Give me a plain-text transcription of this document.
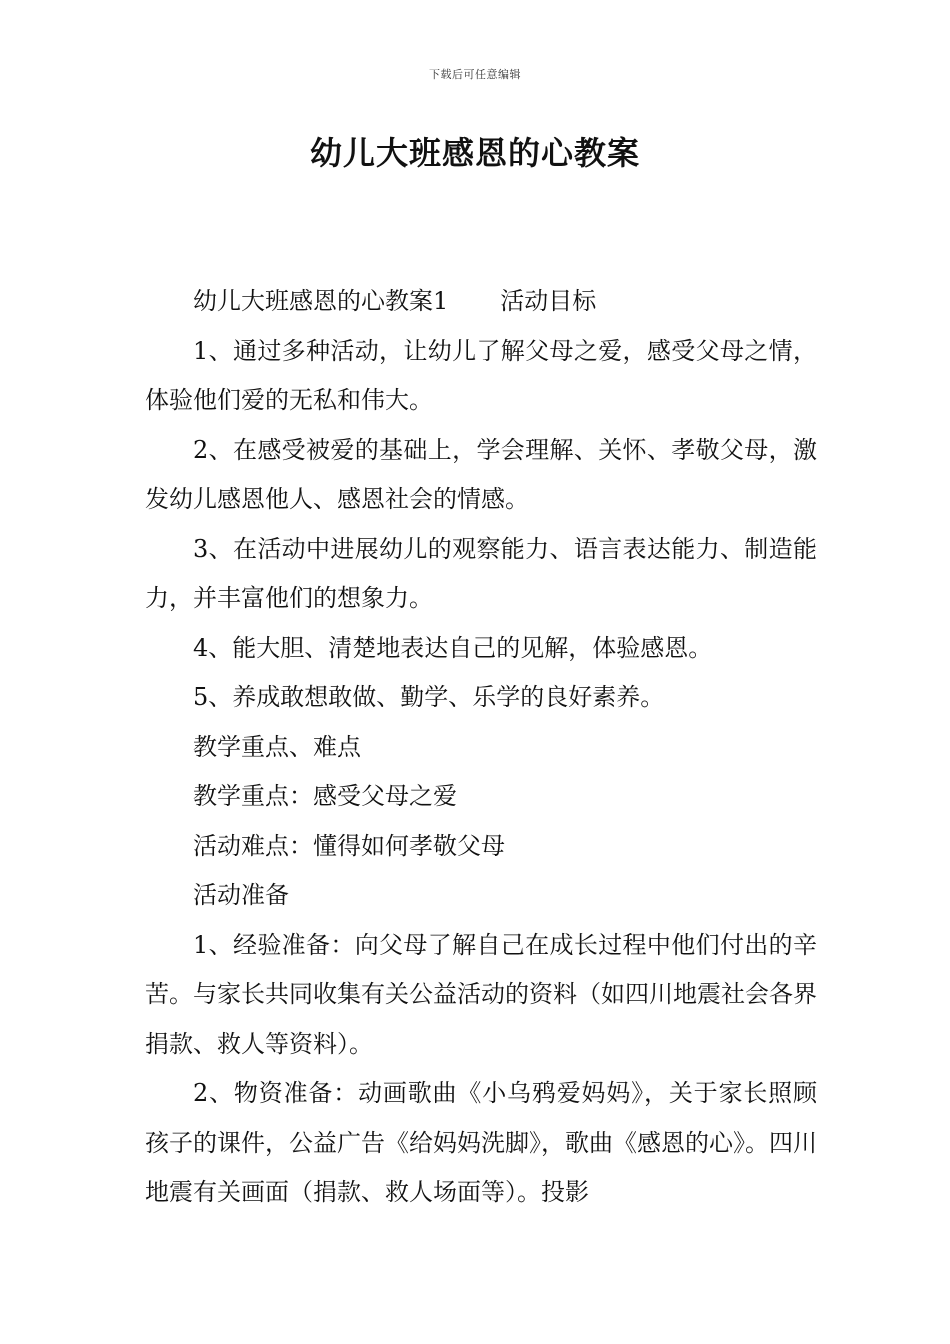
下载后可任意编辑
幼儿大班感恩的心教案

幼儿大班感恩的心教案1 活动目标

1、通过多种活动，让幼儿了解父母之爱，感受父母之情，体验他们爱的无私和伟大。

2、在感受被爱的基础上，学会理解、关怀、孝敬父母，激发幼儿感恩他人、感恩社会的情感。

3、在活动中进展幼儿的观察能力、语言表达能力、制造能力，并丰富他们的想象力。

4、能大胆、清楚地表达自己的见解，体验感恩。

5、养成敢想敢做、勤学、乐学的良好素养。

教学重点、难点

教学重点：感受父母之爱

活动难点：懂得如何孝敬父母

活动准备

1、经验准备：向父母了解自己在成长过程中他们付出的辛苦。与家长共同收集有关公益活动的资料（如四川地震社会各界捐款、救人等资料）。

2、物资准备：动画歌曲《小乌鸦爱妈妈》，关于家长照顾孩子的课件，公益广告《给妈妈洗脚》，歌曲《感恩的心》。四川地震有关画面（捐款、救人场面等）。投影
